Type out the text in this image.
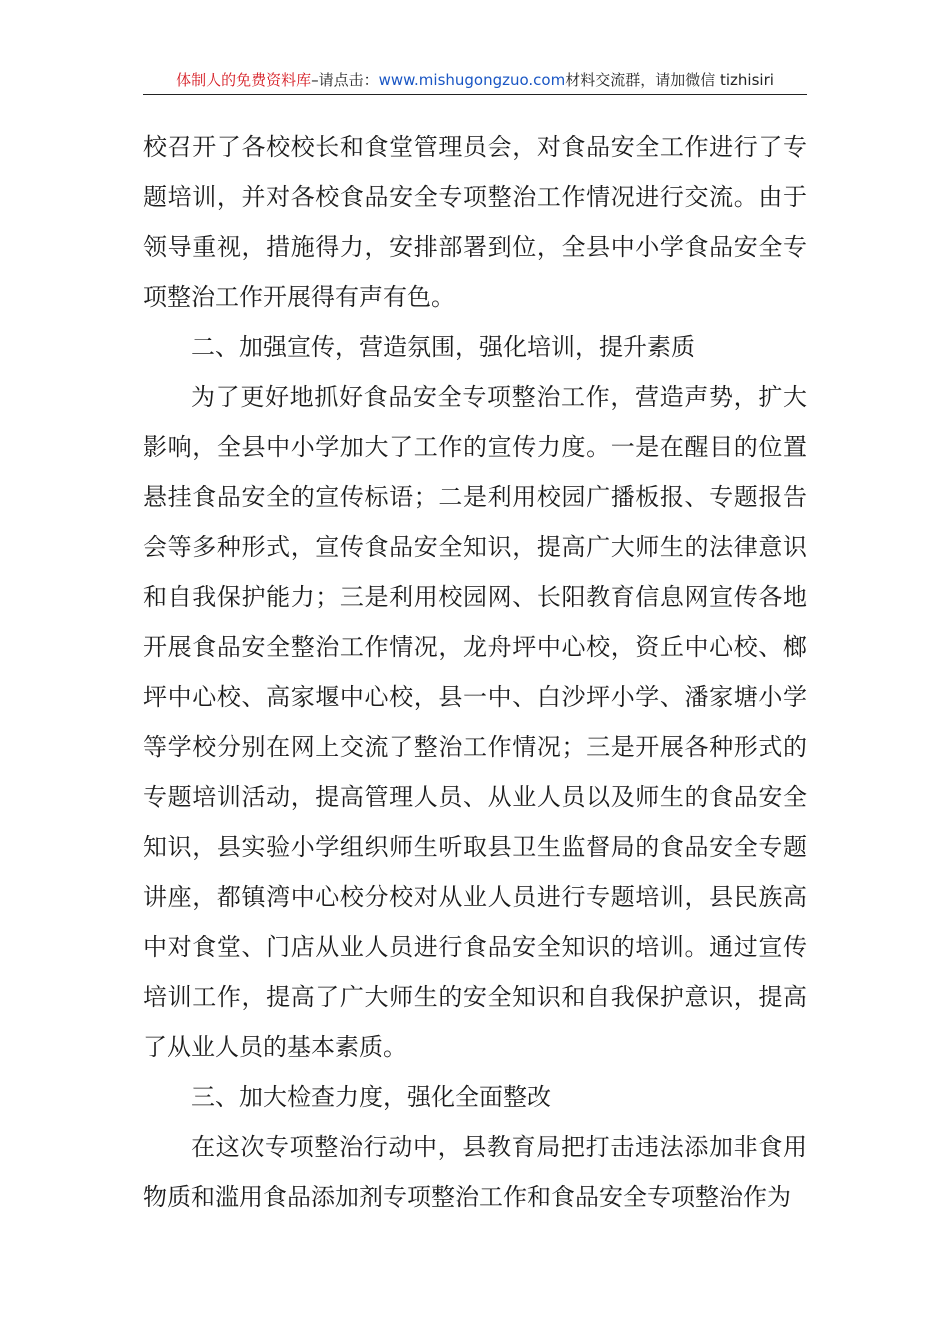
体制人的免费资料库–请点击：www.mishugongzuo.com材料交流群，请加微信 tizhisiri

校召开了各校校长和食堂管理员会，对食品安全工作进行了专题培训，并对各校食品安全专项整治工作情况进行交流。由于领导重视，措施得力，安排部署到位，全县中小学食品安全专项整治工作开展得有声有色。

二、加强宣传，营造氛围，强化培训，提升素质

为了更好地抓好食品安全专项整治工作，营造声势，扩大影响，全县中小学加大了工作的宣传力度。一是在醒目的位置悬挂食品安全的宣传标语；二是利用校园广播板报、专题报告会等多种形式，宣传食品安全知识，提高广大师生的法律意识和自我保护能力；三是利用校园网、长阳教育信息网宣传各地开展食品安全整治工作情况，龙舟坪中心校，资丘中心校、榔坪中心校、高家堰中心校，县一中、白沙坪小学、潘家塘小学等学校分别在网上交流了整治工作情况；三是开展各种形式的专题培训活动，提高管理人员、从业人员以及师生的食品安全知识，县实验小学组织师生听取县卫生监督局的食品安全专题讲座，都镇湾中心校分校对从业人员进行专题培训，县民族高中对食堂、门店从业人员进行食品安全知识的培训。通过宣传培训工作，提高了广大师生的安全知识和自我保护意识，提高了从业人员的基本素质。

三、加大检查力度，强化全面整改

在这次专项整治行动中，县教育局把打击违法添加非食用物质和滥用食品添加剂专项整治工作和食品安全专项整治作为
